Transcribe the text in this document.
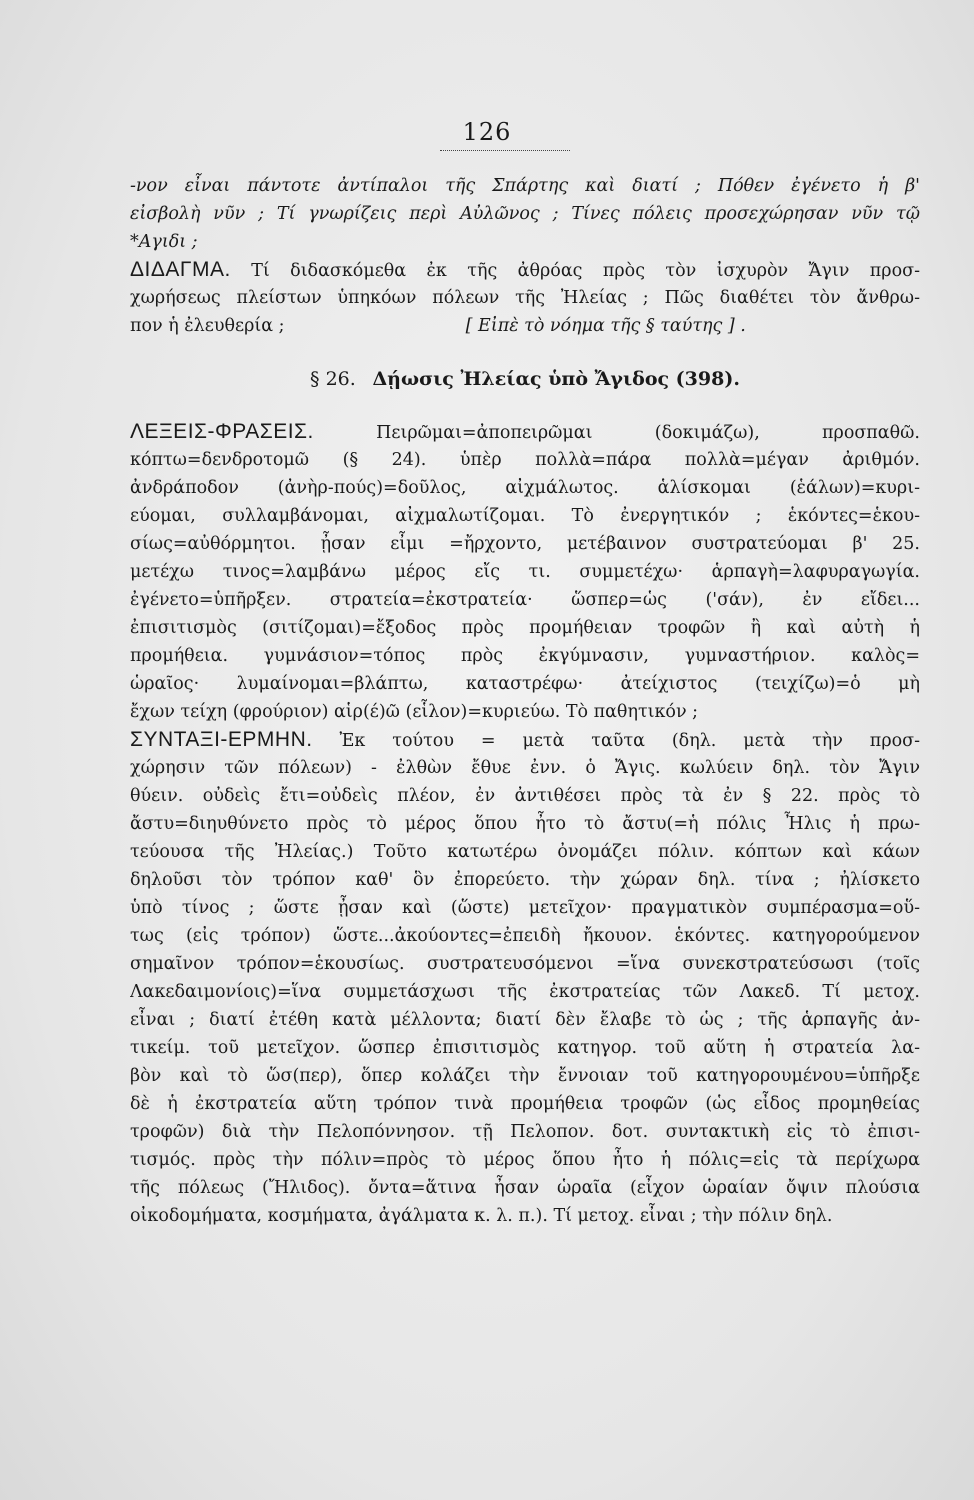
126
-νον εἶναι πάντοτε ἀντίπαλοι τῆς Σπάρτης καὶ διατί ; Πόθεν ἐγένετο ἡ β'
εἰσβολὴ νῦν ; Τί γνωρίζεις περὶ Αὐλῶνος ; Τίνες πόλεις προσεχώρησαν νῦν τῷ
*Αγιδι ;
ΔΙΔΑΓΜΑ. Τί διδασκόμεθα ἐκ τῆς ἀθρόας πρὸς τὸν ἰσχυρὸν Ἄγιν προσ-
χωρήσεως πλείστων ὑπηκόων πόλεων τῆς Ἠλείας ; Πῶς διαθέτει τὸν ἄνθρω-
πον ἡ ἐλευθερία ;	[ Εἰπὲ τὸ νόημα τῆς § ταύτης ] .
§ 26. Δῄωσις Ἠλείας ὑπὸ Ἄγιδος (398).
ΛΕΞΕΙΣ-ΦΡΑΣΕΙΣ.	Πειρῶμαι=ἀποπειρῶμαι (δοκιμάζω), προσπαθῶ.
κόπτω=δενδροτομῶ (§ 24). ὑπὲρ πολλὰ=πάρα πολλὰ=μέγαν ἀριθμόν.
ἀνδράποδον (ἀνὴρ-πούς)=δοῦλος, αἰχμάλωτος. ἁλίσκομαι (ἑάλων)=κυρι-
εύομαι, συλλαμβάνομαι, αἰχμαλωτίζομαι. Τὸ ἐνεργητικόν ; ἑκόντες=ἑκου-
σίως=αὐθόρμητοι. ᾖσαν εἶμι =ἤρχοντο, μετέβαινον συστρατεύομαι β' 25.
μετέχω τινος=λαμβάνω μέρος εἴς τι. συμμετέχω· ἁρπαγὴ=λαφυραγωγία.
ἐγένετο=ὑπῆρξεν. στρατεία=ἐκστρατεία· ὥσπερ=ὡς ('σάν), ἐν εἴδει...
ἐπισιτισμὸς (σιτίζομαι)=ἔξοδος πρὸς προμήθειαν τροφῶν ἢ καὶ αὐτὴ ἡ
προμήθεια. γυμνάσιον=τόπος πρὸς ἐκγύμνασιν, γυμναστήριον. καλὸς=
ὡραῖος· λυμαίνομαι=βλάπτω, καταστρέφω· ἀτείχιστος (τειχίζω)=ὁ μὴ
ἔχων τείχη (φρούριον) αἱρ(έ)ῶ (εἷλον)=κυριεύω. Τὸ παθητικόν ;
ΣΥΝΤΑΞΙ-ΕΡΜΗΝ. Ἐκ τούτου = μετὰ ταῦτα (δηλ. μετὰ τὴν προσ-
χώρησιν τῶν πόλεων) - ἐλθὼν ἔθυε ἐνν. ὁ Ἄγις. κωλύειν δηλ. τὸν Ἄγιν
θύειν. οὐδεὶς ἔτι=οὐδεὶς πλέον, ἐν ἀντιθέσει πρὸς τὰ ἐν § 22. πρὸς τὸ
ἄστυ=διηυθύνετο πρὸς τὸ μέρος ὅπου ἦτο τὸ ἄστυ(=ἡ πόλις Ἦλις ἡ πρω-
τεύουσα τῆς Ἠλείας.) Τοῦτο κατωτέρω ὀνομάζει πόλιν. κόπτων καὶ κάων
δηλοῦσι τὸν τρόπον καθ' ὃν ἐπορεύετο. τὴν χώραν δηλ. τίνα ; ἠλίσκετο
ὑπὸ τίνος ; ὥστε ᾖσαν καὶ (ὥστε) μετεῖχον· πραγματικὸν συμπέρασμα=οὕ-
τως (εἰς τρόπον) ὥστε...ἀκούοντες=ἐπειδὴ ἤκουον. ἑκόντες. κατηγορούμενον
σημαῖνον τρόπον=ἑκουσίως. συστρατευσόμενοι =ἵνα συνεκστρατεύσωσι (τοῖς
Λακεδαιμονίοις)=ἵνα συμμετάσχωσι τῆς ἐκστρατείας τῶν Λακεδ. Τί μετοχ.
εἶναι ; διατί ἐτέθη κατὰ μέλλοντα; διατί δὲν ἔλαβε τὸ ὡς ; τῆς ἁρπαγῆς ἀν-
τικείμ. τοῦ μετεῖχον. ὥσπερ ἐπισιτισμὸς κατηγορ. τοῦ αὕτη ἡ στρατεία λα-
βὸν καὶ τὸ ὥσ(περ), ὅπερ κολάζει τὴν ἔννοιαν τοῦ κατηγορουμένου=ὑπῆρξε
δὲ ἡ ἐκστρατεία αὕτη τρόπον τινὰ προμήθεια τροφῶν (ὡς εἶδος προμηθείας
τροφῶν) διὰ τὴν Πελοπόννησον. τῇ Πελοπον. δοτ. συντακτικὴ εἰς τὸ ἐπισι-
τισμός. πρὸς τὴν πόλιν=πρὸς τὸ μέρος ὅπου ἦτο ἡ πόλις=εἰς τὰ περίχωρα
τῆς πόλεως (Ἤλιδος). ὄντα=ἅτινα ἦσαν ὡραῖα (εἶχον ὡραίαν ὄψιν πλούσια
οἰκοδομήματα, κοσμήματα, ἀγάλματα κ. λ. π.). Τί μετοχ. εἶναι ; τὴν πόλιν δηλ.
